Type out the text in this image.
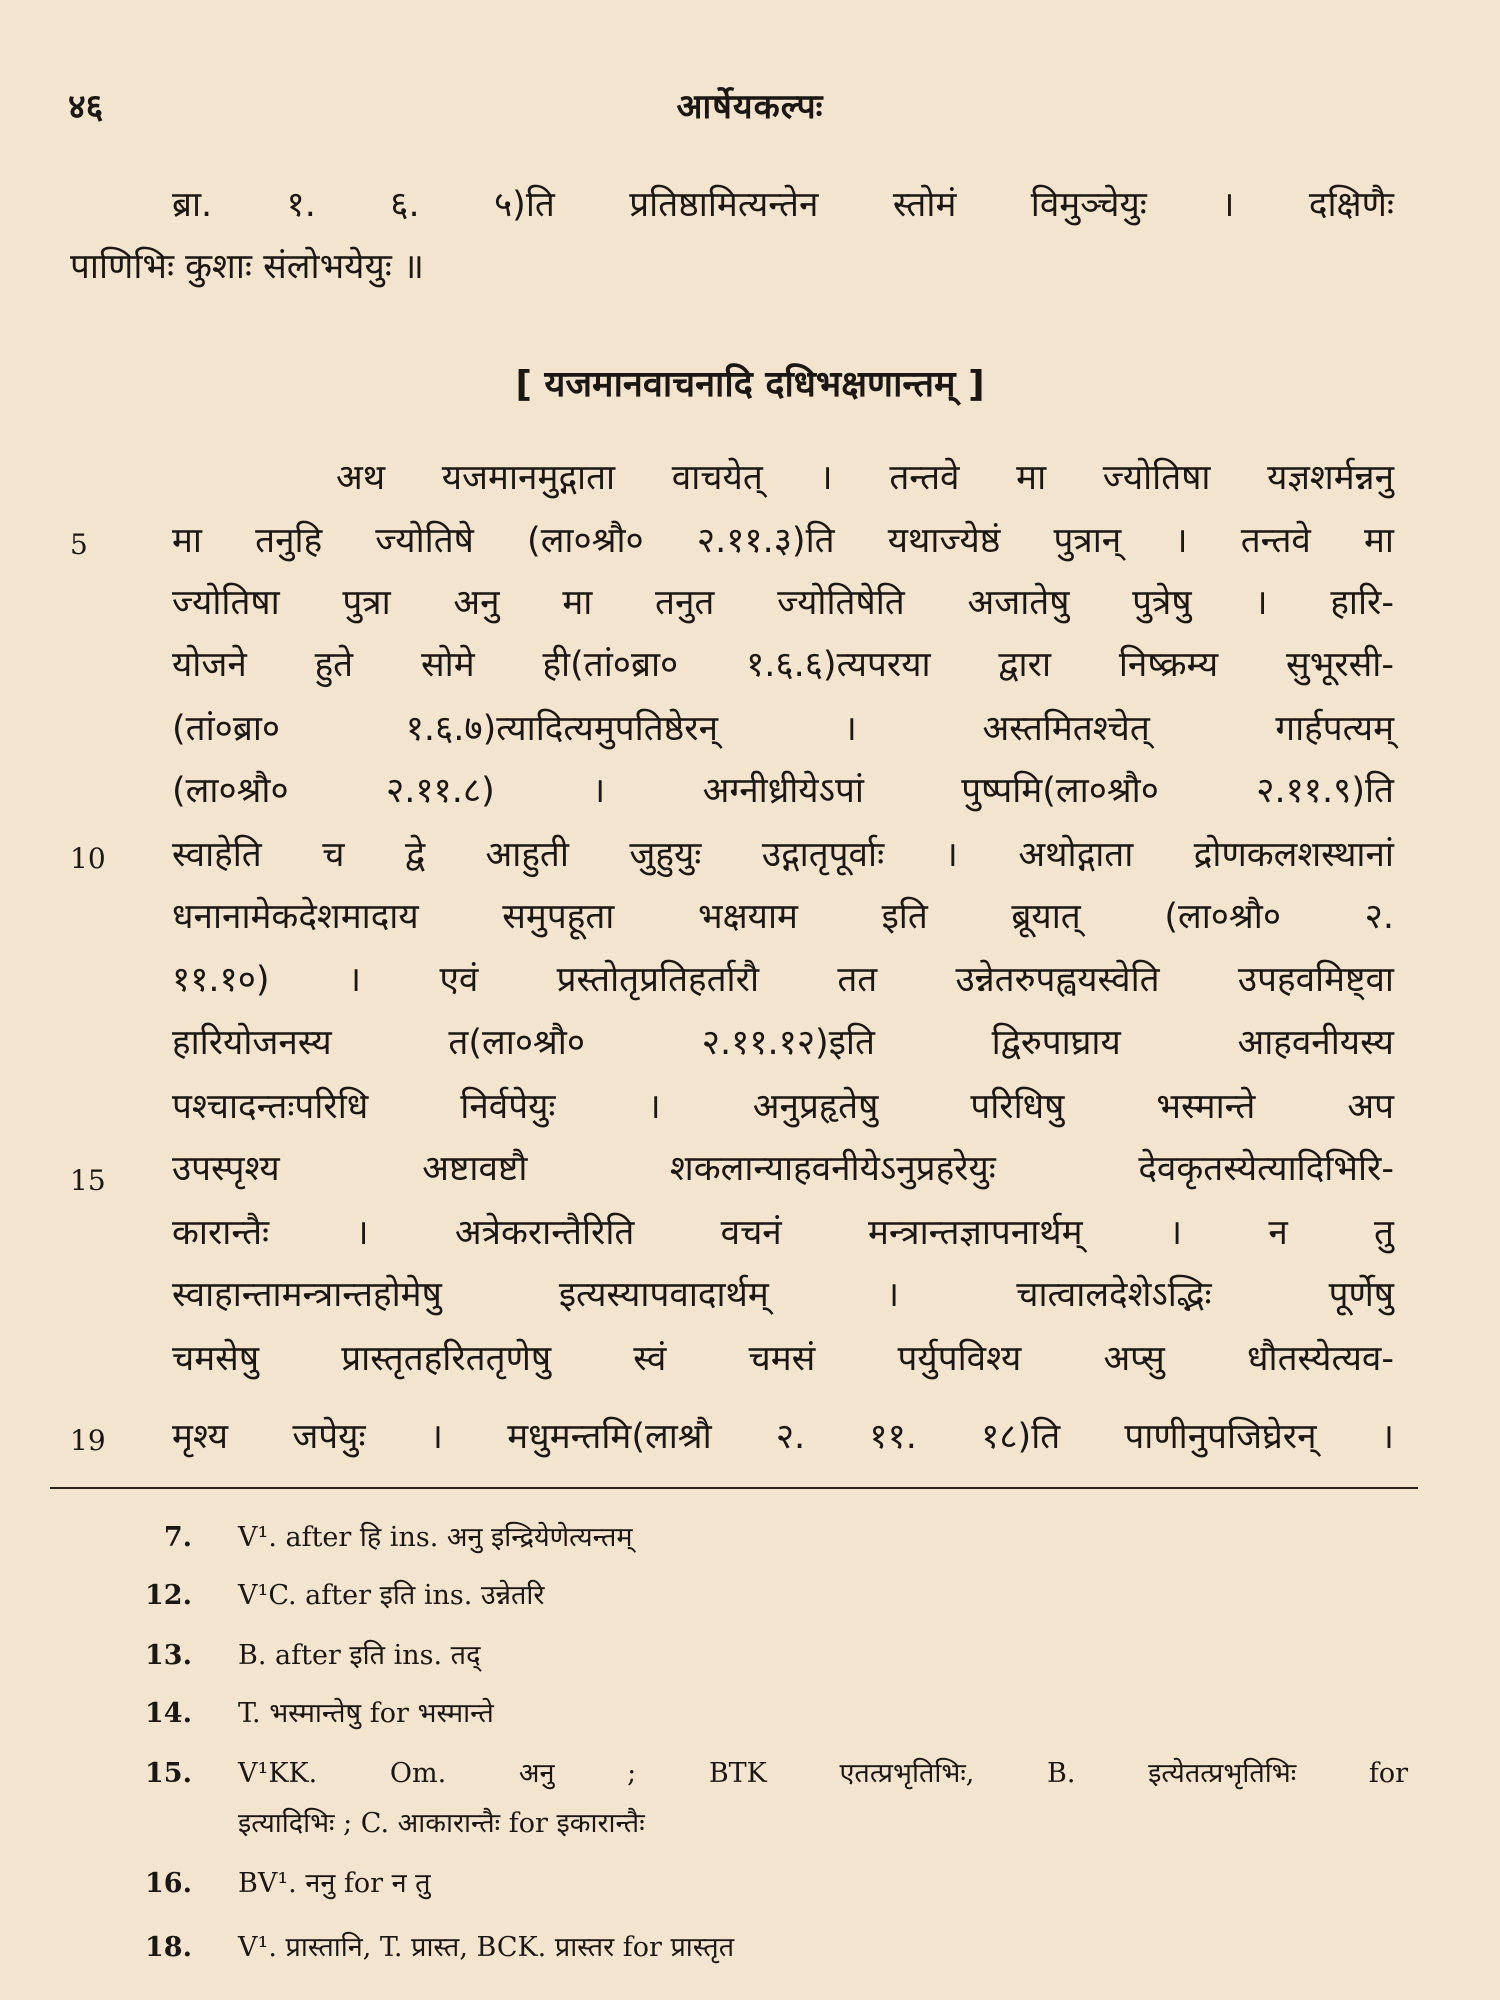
४६	आर्षेयकल्पः
ब्रा. १. ६. ५)ति प्रतिष्ठामित्यन्तेन स्तोमं विमुञ्चेयुः । दक्षिणैः
पाणिभिः कुशाः संलोभयेयुः ॥
[ यजमानवाचनादि दधिभक्षणान्तम् ]
अथ यजमानमुद्गाता वाचयेत् । तन्तवे मा ज्योतिषा यज्ञशर्मन्ननु
मा तनुहि ज्योतिषे (ला०श्रौ० २.११.३)ति यथाज्येष्ठं पुत्रान् । तन्तवे मा
ज्योतिषा पुत्रा अनु मा तनुत ज्योतिषेति अजातेषु पुत्रेषु । हारि-
योजने हुते सोमे ही(तां०ब्रा० १.६.६)त्यपरया द्वारा निष्क्रम्य सुभूरसी-
(तां०ब्रा० १.६.७)त्यादित्यमुपतिष्ठेरन् । अस्तमितश्चेत् गार्हपत्यम्
(ला०श्रौ० २.११.८) । अग्नीध्रीयेऽपां पुष्पमि(ला०श्रौ० २.११.९)ति
स्वाहेति च द्वे आहुती जुहुयुः उद्गातृपूर्वाः । अथोद्गाता द्रोणकलशस्थानां
धनानामेकदेशमादाय समुपहूता भक्षयाम इति ब्रूयात् (ला०श्रौ० २.
११.१०) । एवं प्रस्तोतृप्रतिहर्तारौ तत उन्नेतरुपह्वयस्वेति उपहवमिष्ट्वा
हारियोजनस्य त(ला०श्रौ० २.११.१२)इति द्विरुपाघ्राय आहवनीयस्य
पश्चादन्तःपरिधि निर्वपेयुः । अनुप्रहृतेषु परिधिषु भस्मान्ते अप
उपस्पृश्य अष्टावष्टौ शकलान्याहवनीयेऽनुप्रहरेयुः देवकृतस्येत्यादिभिरि-
कारान्तैः । अत्रेकरान्तैरिति वचनं मन्त्रान्तज्ञापनार्थम् । न तु
स्वाहान्तामन्त्रान्तहोमेषु इत्यस्यापवादार्थम् । चात्वालदेशेऽद्भिः पूर्णेषु
चमसेषु प्रास्तृतहरिततृणेषु स्वं चमसं पर्युपविश्य अप्सु धौतस्येत्यव-
मृश्य जपेयुः । मधुमन्तमि(लाश्रौ २. ११. १८)ति पाणीनुपजिघ्रेरन् ।
5
10
15
19
7. V¹. after हि ins. अनु इन्द्रियेणेत्यन्तम्
12. V¹C. after इति ins. उन्नेतरि
13. B. after इति ins. तद्
14. T. भस्मान्तेषु for भस्मान्ते
15. V¹KK. Om. अनु ; BTK एतत्प्रभृतिभिः, B. इत्येतत्प्रभृतिभिः for
इत्यादिभिः ; C. आकारान्तैः for इकारान्तैः
16. BV¹. ननु for न तु
18. V¹. प्रास्तानि, T. प्रास्त, BCK. प्रास्तर for प्रास्तृत
